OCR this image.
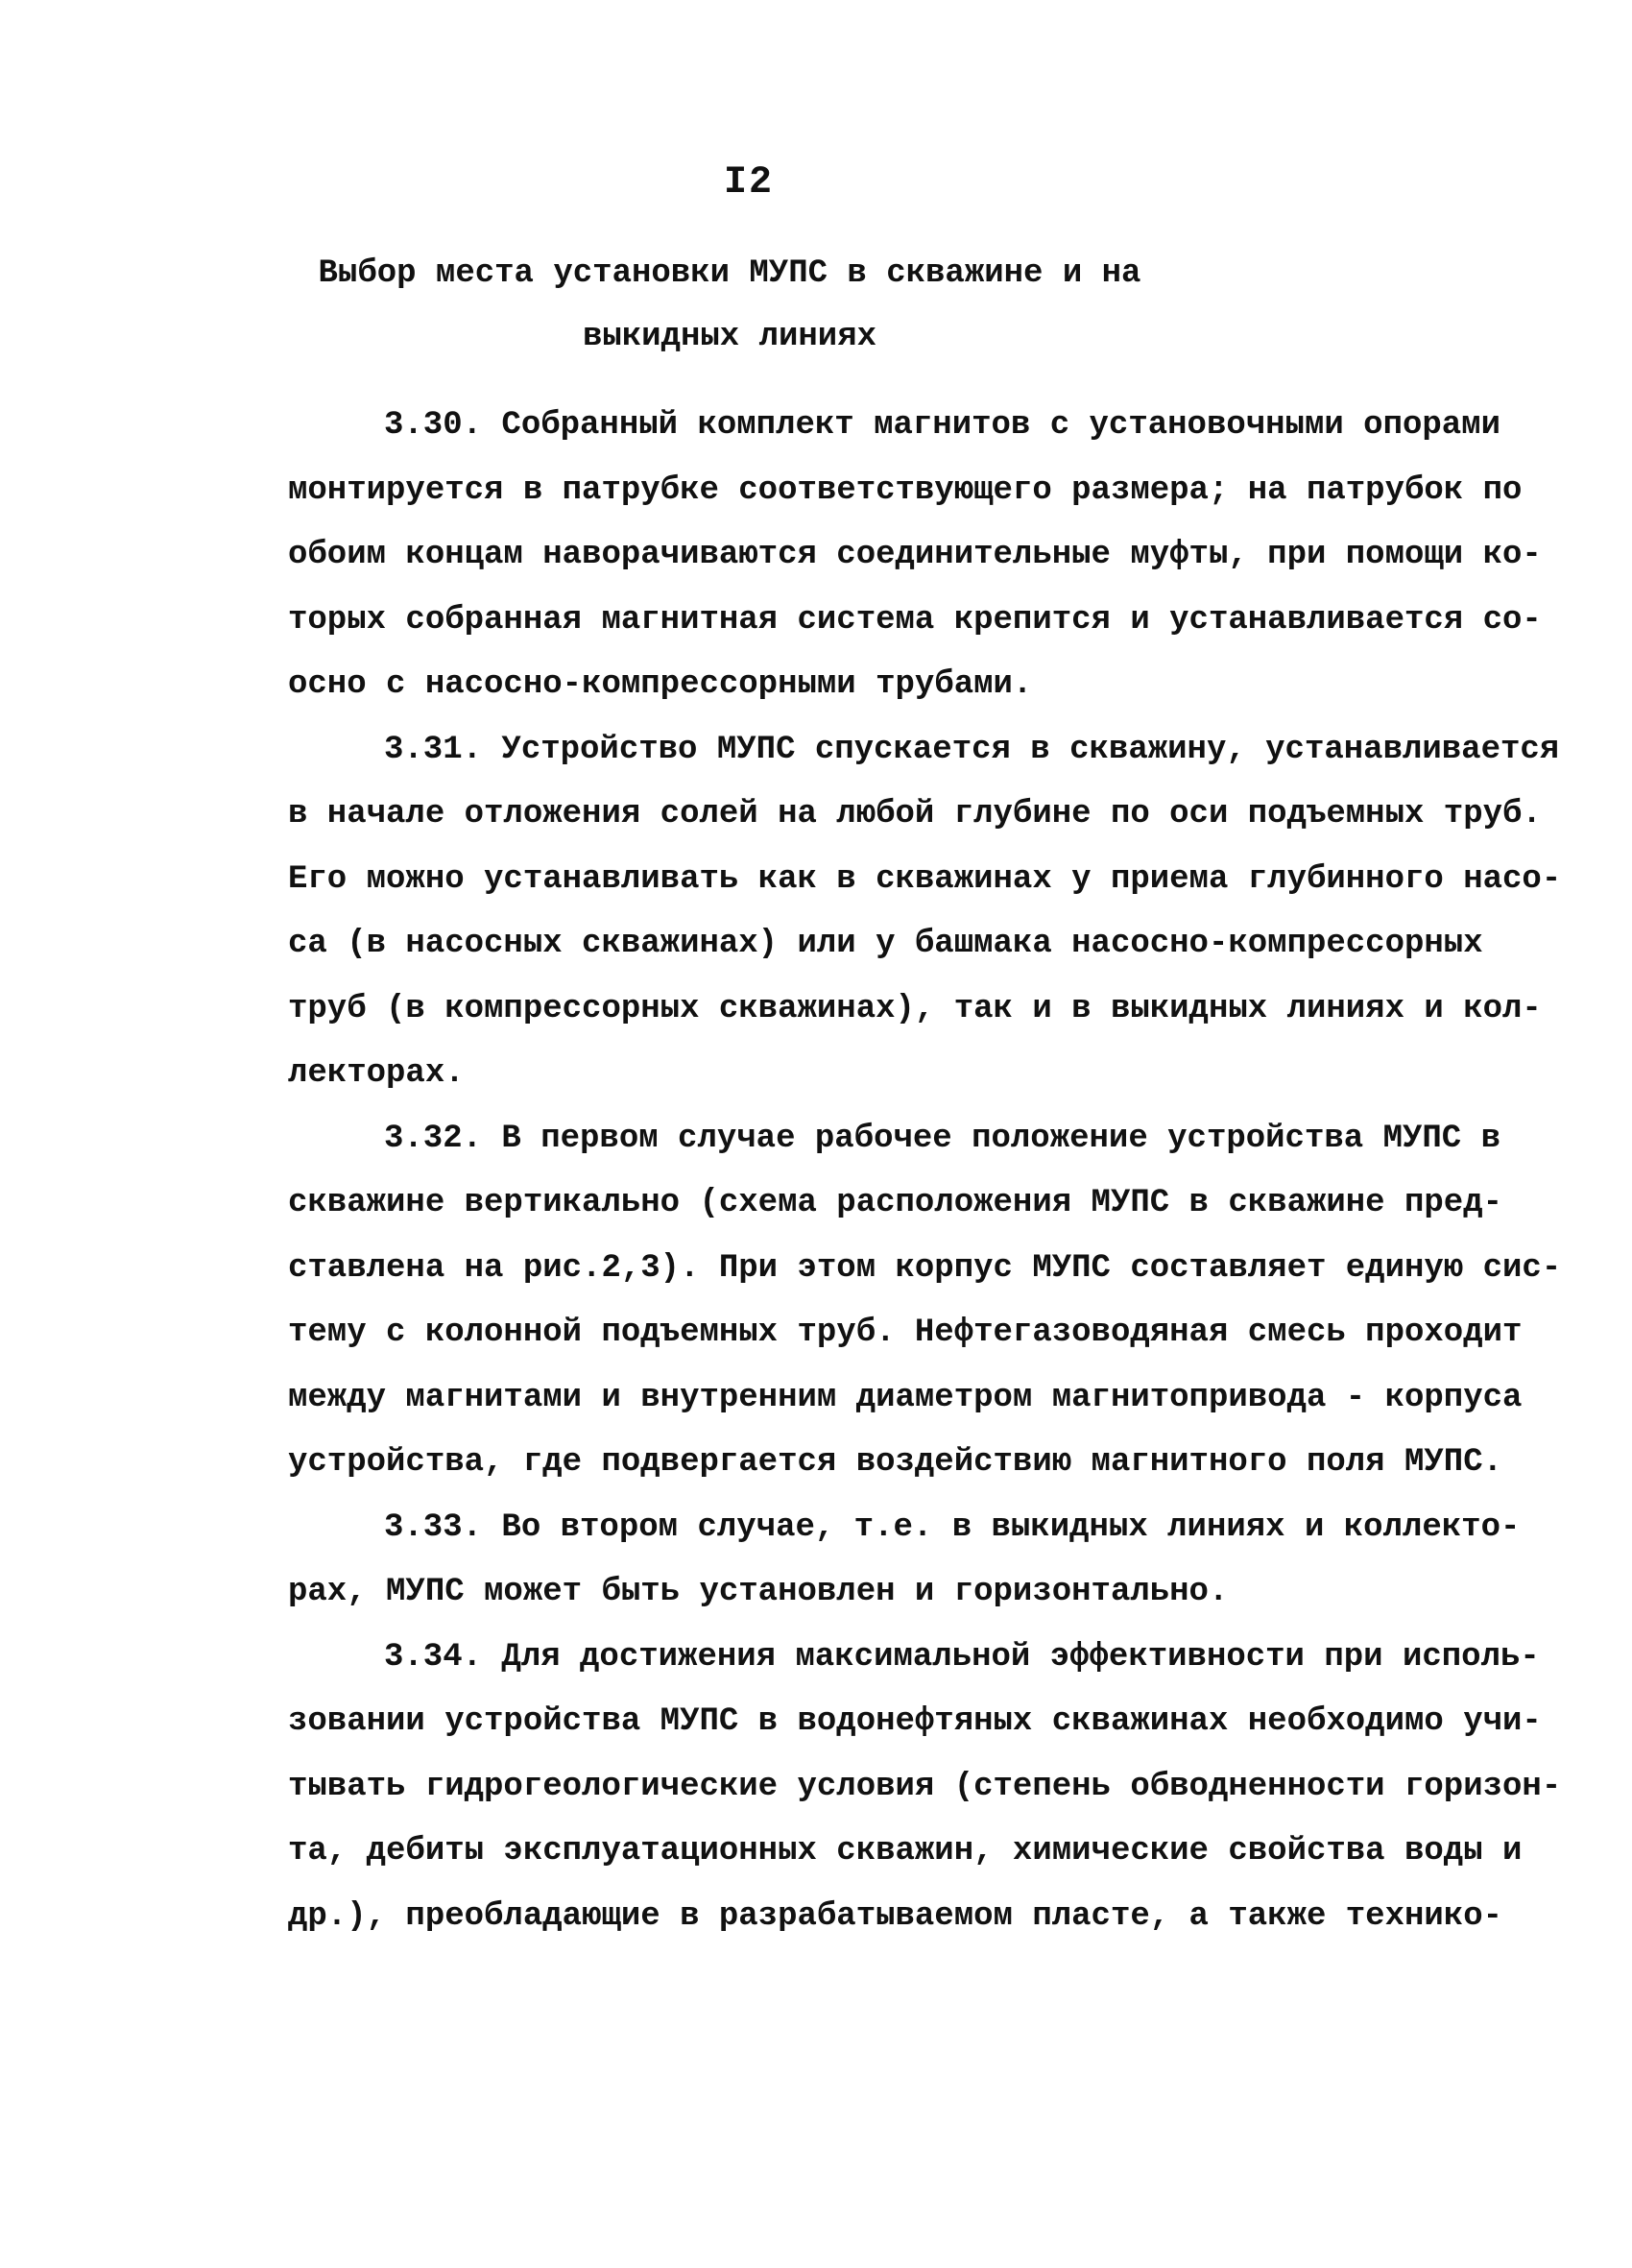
I2
Выбор места установки МУПС в скважине и на
выкидных линиях
3.30. Собранный комплект магнитов с установочными опорами
монтируется в патрубке соответствующего размера; на патрубок по
обоим концам наворачиваются соединительные муфты, при помощи ко-
торых собранная магнитная система крепится и устанавливается со-
осно с насосно-компрессорными трубами.
3.31. Устройство МУПС спускается в скважину, устанавливается
в начале отложения солей на любой глубине по оси подъемных труб.
Его можно устанавливать как в скважинах у приема глубинного насо-
са (в насосных скважинах) или у башмака насосно-компрессорных
труб (в компрессорных скважинах), так и в выкидных линиях и кол-
лекторах.
3.32. В первом случае рабочее положение устройства МУПС в
скважине вертикально (схема расположения МУПС в скважине пред-
ставлена на рис.2,3). При этом корпус МУПС составляет единую сис-
тему с колонной подъемных труб. Нефтегазоводяная смесь проходит
между магнитами и внутренним диаметром магнитопривода - корпуса
устройства, где подвергается воздействию магнитного поля МУПС.
3.33. Во втором случае, т.е. в выкидных линиях и коллекто-
рах, МУПС может быть установлен и горизонтально.
3.34. Для достижения максимальной эффективности при исполь-
зовании устройства МУПС в водонефтяных скважинах необходимо учи-
тывать гидрогеологические условия (степень обводненности горизон-
та, дебиты эксплуатационных скважин, химические свойства воды и
др.), преобладающие в разрабатываемом пласте, а также технико-
